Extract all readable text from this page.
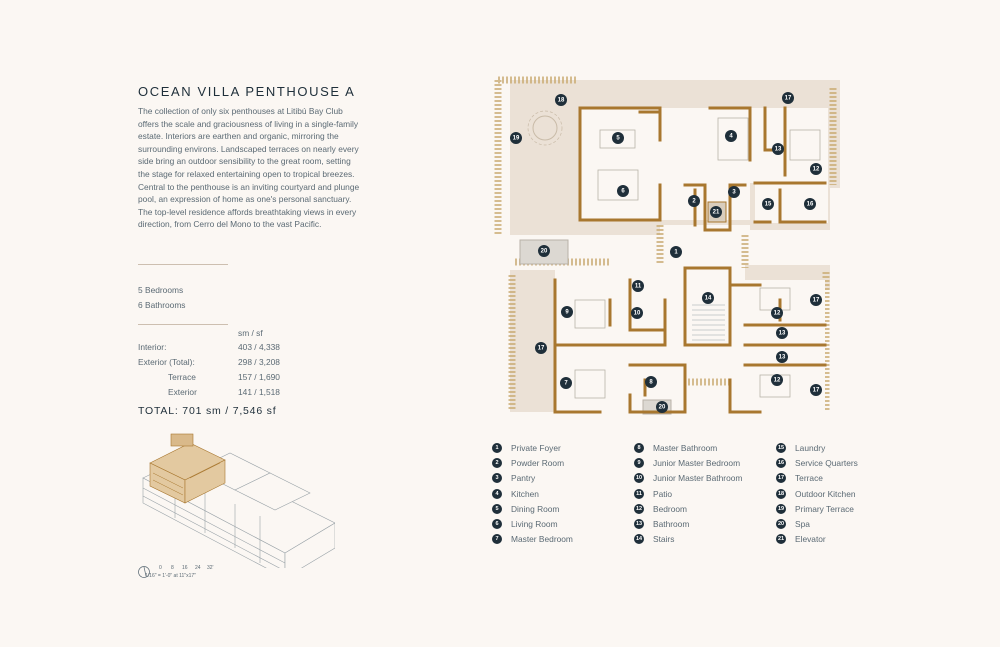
OCEAN VILLA PENTHOUSE A
The collection of only six penthouses at Litibú Bay Club offers the scale and graciousness of living in a single-family estate. Interiors are earthen and organic, mirroring the surrounding environs. Landscaped terraces on nearly every side bring an outdoor sensibility to the great room, setting the stage for relaxed entertaining open to tropical breezes. Central to the penthouse is an inviting courtyard and plunge pool, an expression of home as one's personal sanctuary. The top-level residence affords breathtaking views in every direction, from Cerro del Mono to the vast Pacific.
5 Bedrooms
6 Bathrooms
sm / sf
Interior:	403 / 4,338
Exterior (Total):	298 / 3,208
Terrace	157 / 1,690
Exterior	141 / 1,518
TOTAL: 701 sm / 7,546 sf
0 8 16 24 32'
1/16" = 1'-0" at 11"x17"
1	Private Foyer
2	Powder Room
3	Pantry
4	Kitchen
5	Dining Room
6	Living Room
7	Master Bedroom
8	Master Bathroom
9	Junior Master Bedroom
10 Junior Master Bathroom
11 Patio
12 Bedroom
13 Bathroom
14 Stairs
15 Laundry
16 Service Quarters
17 Terrace
18 Outdoor Kitchen
19 Primary Terrace
20 Spa
21 Elevator
18	17
19	5	4
13
12
6	3
2
21
15	16
20	1
11
14
12
17
9	10
13
17
13
8
7	12
17
20
